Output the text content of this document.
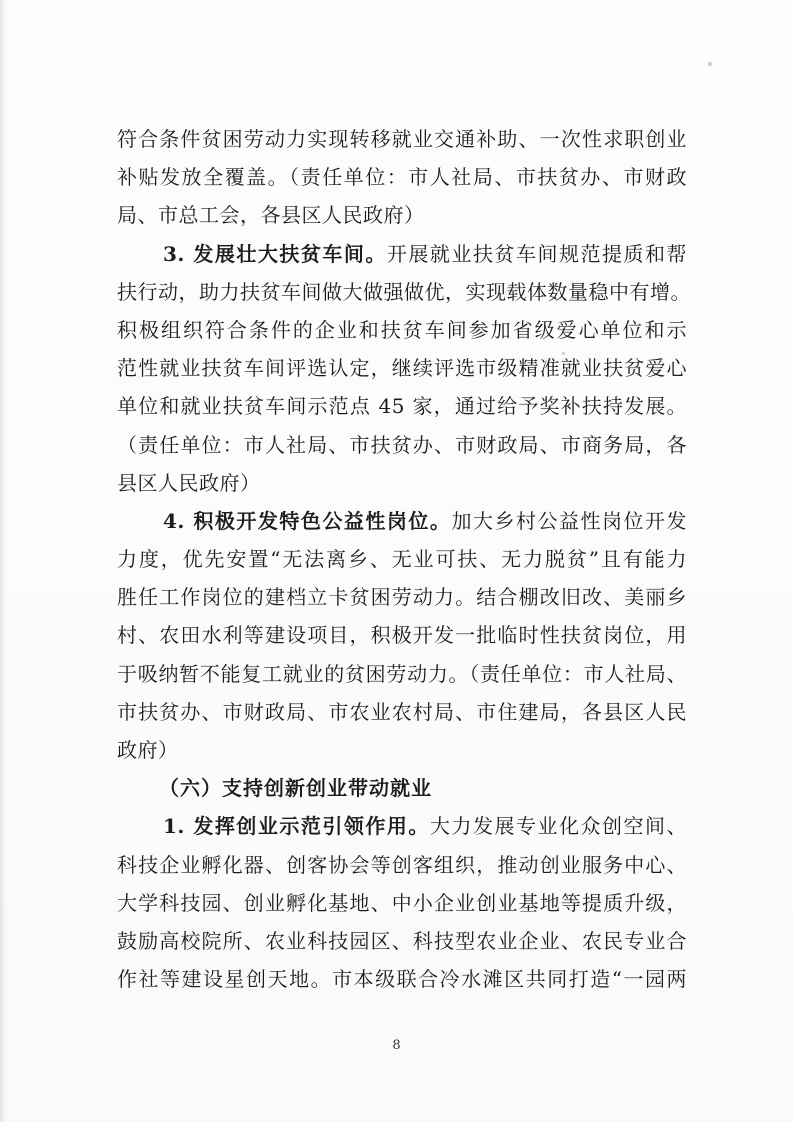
符合条件贫困劳动力实现转移就业交通补助、一次性求职创业
补贴发放全覆盖。（责任单位：市人社局、市扶贫办、市财政
局、市总工会，各县区人民政府）
3. 发展壮大扶贫车间。开展就业扶贫车间规范提质和帮
扶行动，助力扶贫车间做大做强做优，实现载体数量稳中有增。
积极组织符合条件的企业和扶贫车间参加省级爱心单位和示
范性就业扶贫车间评选认定，继续评选市级精准就业扶贫爱心
单位和就业扶贫车间示范点 45 家，通过给予奖补扶持发展。
（责任单位：市人社局、市扶贫办、市财政局、市商务局，各
县区人民政府）
4. 积极开发特色公益性岗位。加大乡村公益性岗位开发
力度，优先安置“无法离乡、无业可扶、无力脱贫”且有能力
胜任工作岗位的建档立卡贫困劳动力。结合棚改旧改、美丽乡
村、农田水利等建设项目，积极开发一批临时性扶贫岗位，用
于吸纳暂不能复工就业的贫困劳动力。（责任单位：市人社局、
市扶贫办、市财政局、市农业农村局、市住建局，各县区人民
政府）
（六）支持创新创业带动就业
1. 发挥创业示范引领作用。大力发展专业化众创空间、
科技企业孵化器、创客协会等创客组织，推动创业服务中心、
大学科技园、创业孵化基地、中小企业创业基地等提质升级，
鼓励高校院所、农业科技园区、科技型农业企业、农民专业合
作社等建设星创天地。市本级联合冷水滩区共同打造“一园两
8
